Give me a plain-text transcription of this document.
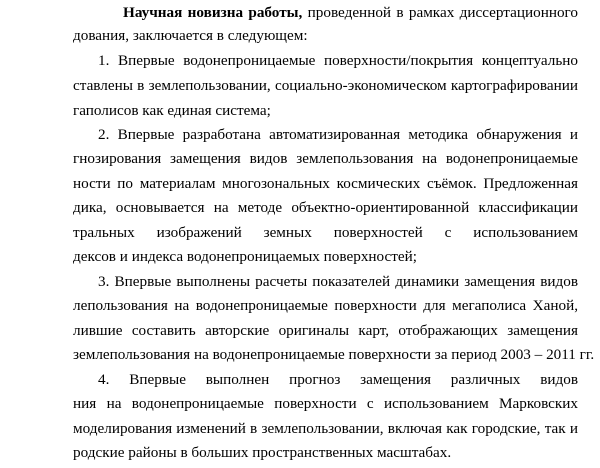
Научная новизна работы, проведенной в рамках диссертационного
дования, заключается в следующем:
1. Впервые водонепроницаемые поверхности/покрытия концептуально
ставлены в землепользовании, социально-экономическом картографировании
гаполисов как единая система;
2. Впервые разработана автоматизированная методика обнаружения и
гнозирования замещения видов землепользования на водонепроницаемые
ности по материалам многозональных космических съёмок. Предложенная
дика, основывается на методе объектно-ориентированной классификации
тральных изображений земных поверхностей с использованием
дексов и индекса водонепроницаемых поверхностей;
3. Впервые выполнены расчеты показателей динамики замещения видов
лепользования на водонепроницаемые поверхности для мегаполиса Ханой,
лившие составить авторские оригиналы карт, отображающих замещения
землепользования на водонепроницаемые поверхности за период 2003 – 2011 гг.
4. Впервые выполнен прогноз замещения различных видов
ния на водонепроницаемые поверхности с использованием Марковских
моделирования изменений в землепользовании, включая как городские, так и
родские районы в больших пространственных масштабах.
